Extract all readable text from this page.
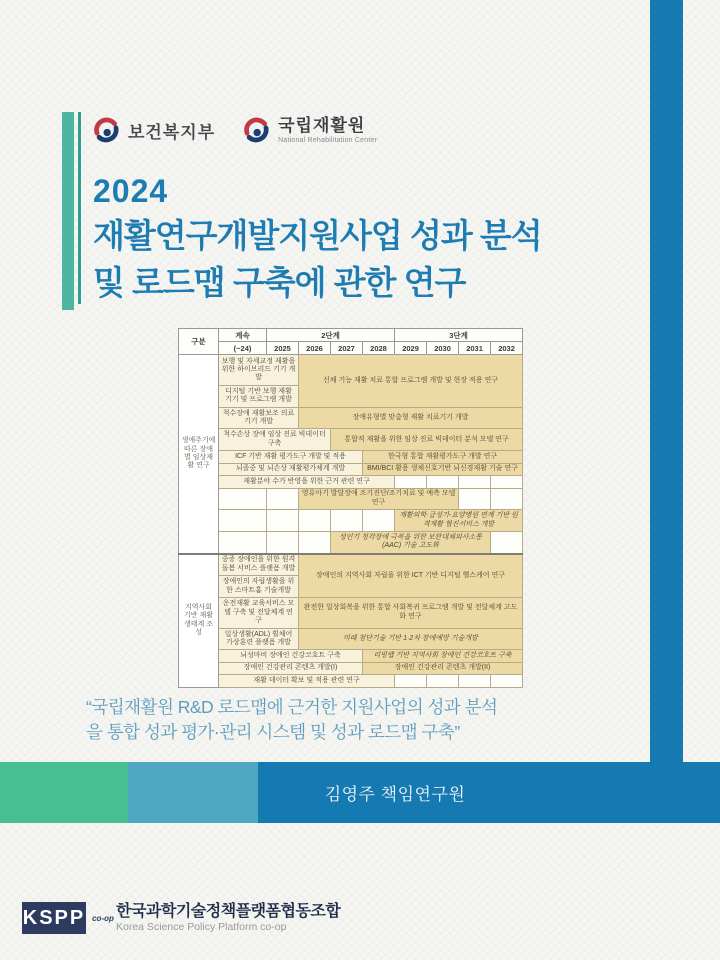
보건복지부	국립재활원
National Rehabilitation Center
2024
재활연구개발지원사업 성과 분석
및 로드맵 구축에 관한 연구
구분	계속	2단계				3단계			
	(~24)	2025	2026	2027	2028	2029	2030	2031	2032
생애주기에 따른 장애별 임상재활 연구	보행 및 자세교정 재활을 위한 하이브리드 기기 개발		신체 기능 재활 치료 통합 프로그램 개발 및 현장 적용 연구						
	디지털 기반 보행 재활 기기 및 프로그램 개발								
	척수장애 재활보조 의료기기 개발		장애유형별 맞춤형 재활 치료기기 개발						
	척수손상 장애 임상 진료 빅데이터 구축			통합적 재활을 위한 임상 진료 빅데이터 분석 모델 연구					
	ICF 기반 재활 평가도구 개발 및 적용				한국형 통합 재활평가도구 개발 연구				
	뇌졸중 및 뇌손상 재활평가체계 개발				BMI/BCI 활용 생체신호기반 뇌신경재활 기술 연구				
	재활분야 수가 반영을 위한 근거 관련 연구								
			영유아기 발달장애 조기진단/조기치료 및 예측 모델 연구						
						재활의학·급성기-요양병원 연계 기반 원격재활 협진서비스 개발			
				성인기 청각장애 극복을 위한 보완대체의사소통(AAC) 기술 고도화					
지역사회 기반 재활 생태계 조성	중증 장애인을 위한 원격돌봄 서비스 플랫폼 개발		장애인의 지역사회 자립을 위한 ICT 기반 디지털 헬스케어 연구						
	장애인의 자립생활을 위한 스마트홈 기술개발								
	운전재활 교육서비스 모델 구축 및 전달체계 연구		완전한 일상회복을 위한 통합 사회복귀 프로그램 개발 및 전달체계 고도화 연구						
	일상생활(ADL) 휠체어 가상훈련 플랫폼 개발		미래 첨단기술 기반 1·2차 장애예방 기술개발						
	뇌성마비 장애인 건강코호트 구축				리빙랩 기반 지역사회 장애인 건강코호트 구축				
	장애인 건강관리 콘텐츠 개발(I)				장애인 건강관리 콘텐츠 개발(II)				
	재활 데이터 확보 및 적용 관련 연구								
“국립재활원 R&D 로드맵에 근거한 지원사업의 성과 분석
을 통합 성과 평가·관리 시스템 및 성과 로드맵 구축”
김영주 책임연구원
KSPP co-op 한국과학기술정책플랫폼협동조합
Korea Science Policy Platform co-op
